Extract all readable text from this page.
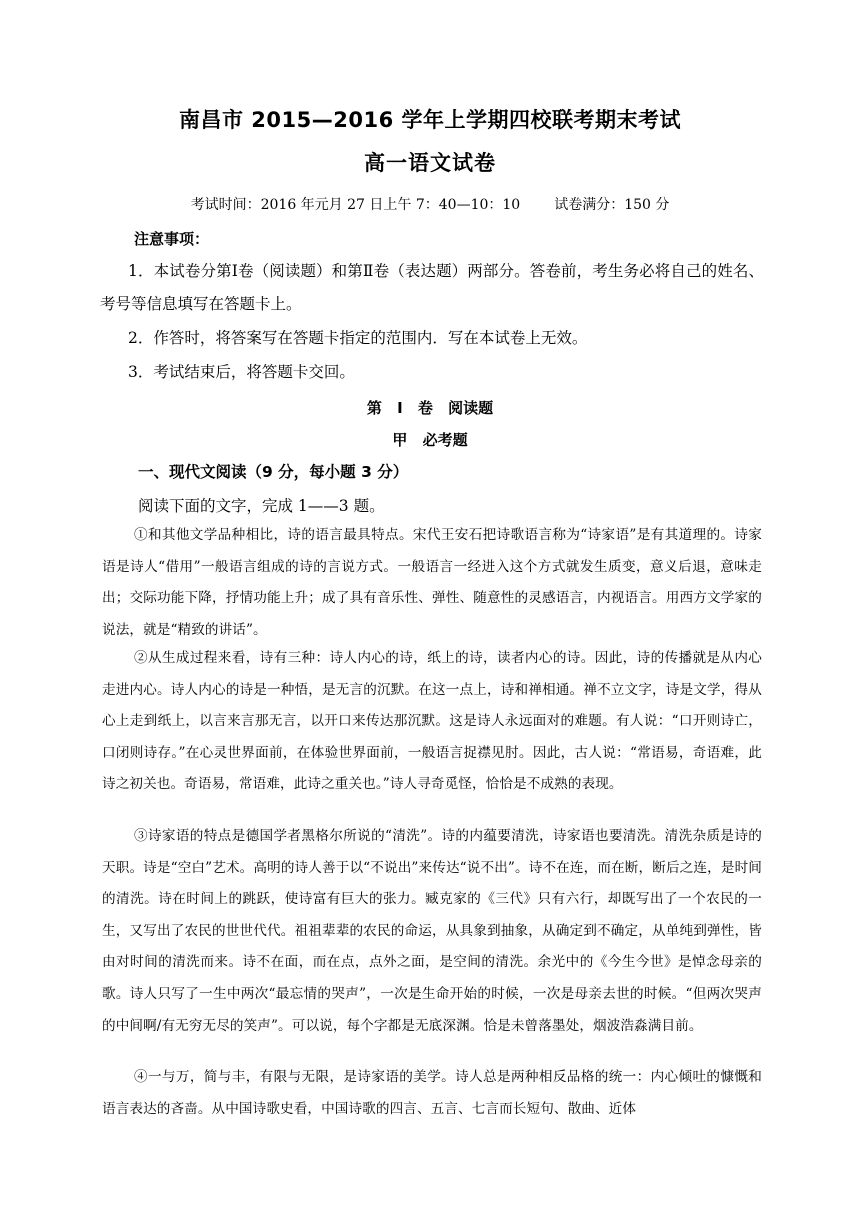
南昌市 2015—2016 学年上学期四校联考期末考试
高一语文试卷
考试时间：2016 年元月 27 日上午 7：40—10：10 试卷满分：150 分
注意事项：

1．本试卷分第Ⅰ卷（阅读题）和第Ⅱ卷（表达题）两部分。答卷前，考生务必将自己的姓名、考号等信息填写在答题卡上。

2．作答时，将答案写在答题卡指定的范围内．写在本试卷上无效。

3．考试结束后，将答题卡交回。

第 I 卷 阅读题
甲 必考题
一、现代文阅读（9 分，每小题 3 分）
阅读下面的文字，完成 1——3 题。

①和其他文学品种相比，诗的语言最具特点。宋代王安石把诗歌语言称为“诗家语”是有其道理的。诗家语是诗人“借用”一般语言组成的诗的言说方式。一般语言一经进入这个方式就发生质变，意义后退，意味走出；交际功能下降，抒情功能上升；成了具有音乐性、弹性、随意性的灵感语言，内视语言。用西方文学家的说法，就是“精致的讲话”。

②从生成过程来看，诗有三种：诗人内心的诗，纸上的诗，读者内心的诗。因此，诗的传播就是从内心走进内心。诗人内心的诗是一种悟，是无言的沉默。在这一点上，诗和禅相通。禅不立文字，诗是文学，得从心上走到纸上，以言来言那无言，以开口来传达那沉默。这是诗人永远面对的难题。有人说：“口开则诗亡，口闭则诗存。”在心灵世界面前，在体验世界面前，一般语言捉襟见肘。因此，古人说：“常语易，奇语难，此诗之初关也。奇语易，常语难，此诗之重关也。”诗人寻奇觅怪，恰恰是不成熟的表现。

③诗家语的特点是德国学者黑格尔所说的“清洗”。诗的内蕴要清洗，诗家语也要清洗。清洗杂质是诗的天职。诗是“空白”艺术。高明的诗人善于以“不说出”来传达“说不出”。诗不在连，而在断，断后之连，是时间的清洗。诗在时间上的跳跃，使诗富有巨大的张力。臧克家的《三代》只有六行，却既写出了一个农民的一生，又写出了农民的世世代代。祖祖辈辈的农民的命运，从具象到抽象，从确定到不确定，从单纯到弹性，皆由对时间的清洗而来。诗不在面，而在点，点外之面，是空间的清洗。余光中的《今生今世》是悼念母亲的歌。诗人只写了一生中两次“最忘情的哭声”，一次是生命开始的时候，一次是母亲去世的时候。“但两次哭声的中间啊/有无穷无尽的笑声”。可以说，每个字都是无底深渊。恰是未曾落墨处，烟波浩淼满目前。

④一与万，简与丰，有限与无限，是诗家语的美学。诗人总是两种相反品格的统一：内心倾吐的慷慨和语言表达的吝啬。从中国诗歌史看，中国诗歌的四言、五言、七言而长短句、散曲、近体
